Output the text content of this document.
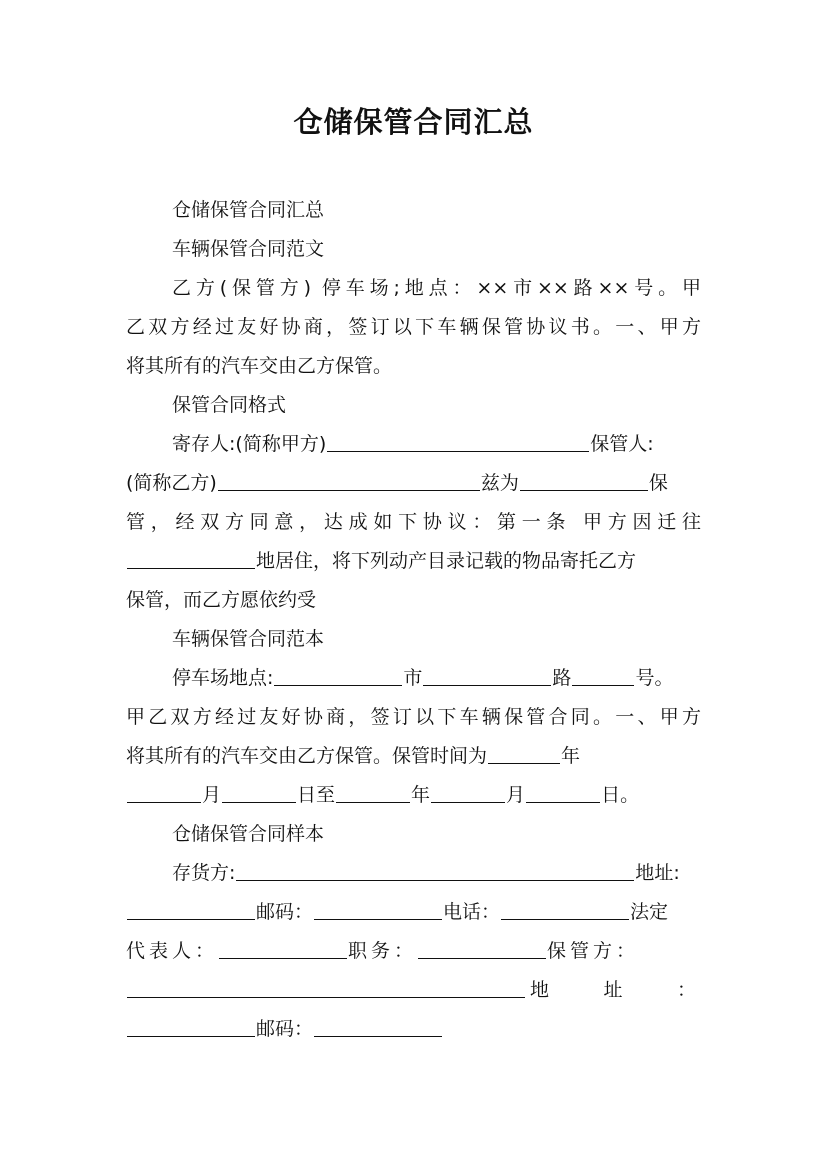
仓储保管合同汇总
仓储保管合同汇总
车辆保管合同范文
乙方(保管方) 停车场;地点：××市××路××号。甲
乙双方经过友好协商，签订以下车辆保管协议书。一、甲方
将其所有的汽车交由乙方保管。
保管合同格式
寄存人:(简称甲方)	保管人:
(简称乙方)	兹为	保
管，经双方同意，达成如下协议：第一条 甲方因迁往
地居住，将下列动产目录记载的物品寄托乙方
保管，而乙方愿依约受
车辆保管合同范本
停车场地点:	市	路	号。
甲乙双方经过友好协商，签订以下车辆保管合同。一、甲方
将其所有的汽车交由乙方保管。保管时间为	年
月	日至	年	月	日。
仓储保管合同样本
存货方:	地址:
邮码：	电话：	法定
代表人：	职务：	保管方：
地 址 ：
邮码：
